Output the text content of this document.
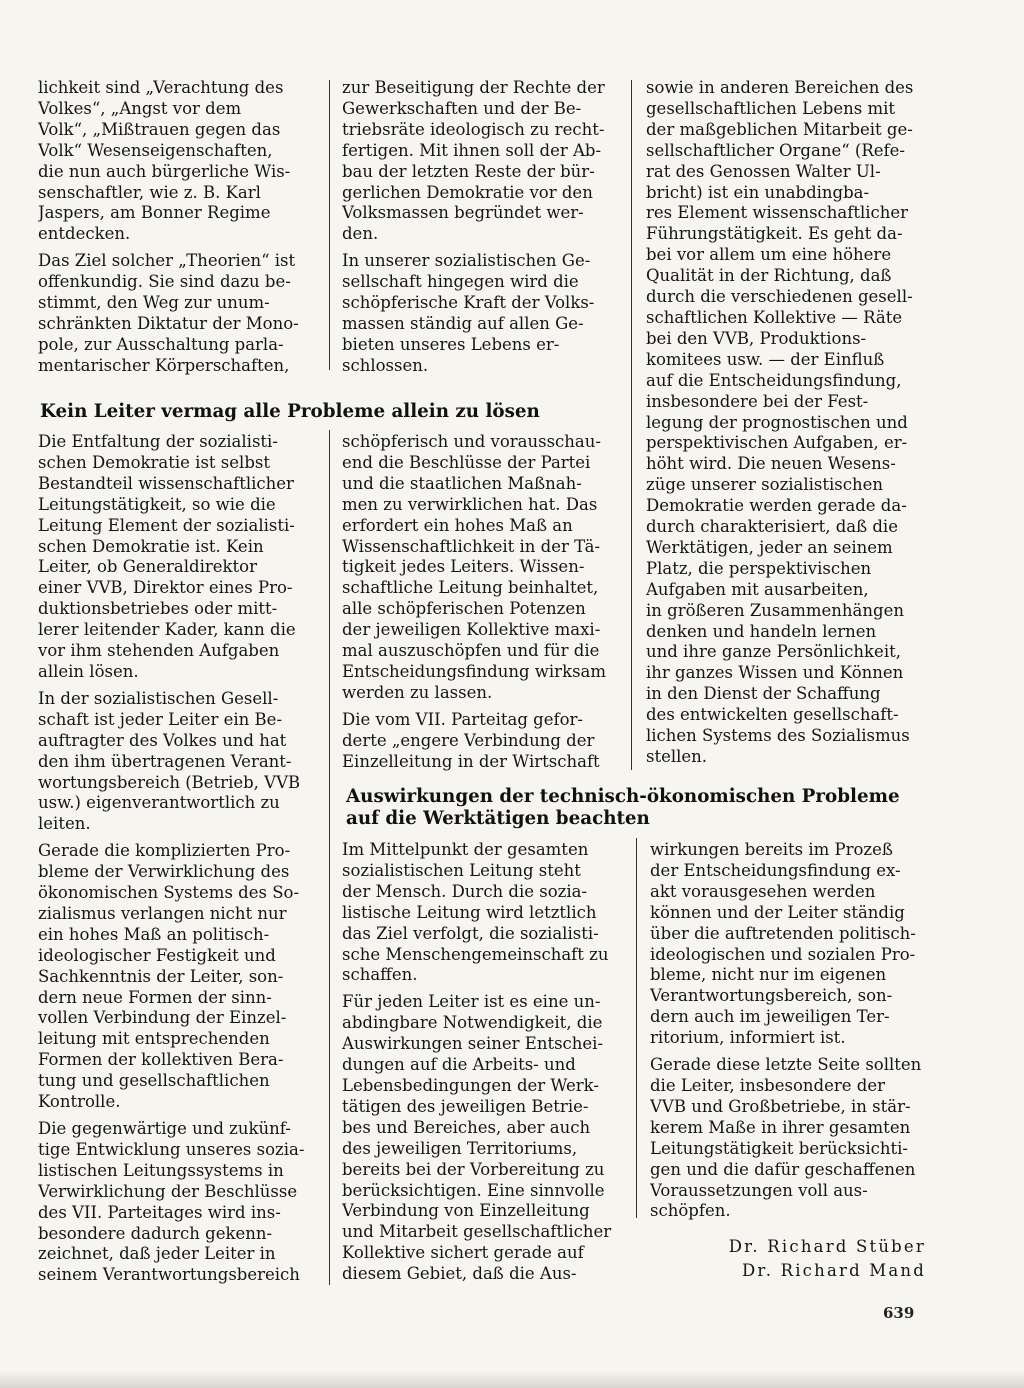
lichkeit sind „Verachtung des
Volkes“, „Angst vor dem
Volk“, „Mißtrauen gegen das
Volk“ Wesenseigenschaften,
die nun auch bürgerliche Wis-
senschaftler, wie z. B. Karl
Jaspers, am Bonner Regime
entdecken.
Das Ziel solcher „Theorien“ ist
offenkundig. Sie sind dazu be-
stimmt, den Weg zur unum-
schränkten Diktatur der Mono-
pole, zur Ausschaltung parla-
mentarischer Körperschaften,
zur Beseitigung der Rechte der
Gewerkschaften und der Be-
triebsräte ideologisch zu recht-
fertigen. Mit ihnen soll der Ab-
bau der letzten Reste der bür-
gerlichen Demokratie vor den
Volksmassen begründet wer-
den.
In unserer sozialistischen Ge-
sellschaft hingegen wird die
schöpferische Kraft der Volks-
massen ständig auf allen Ge-
bieten unseres Lebens er-
schlossen.
sowie in anderen Bereichen des
gesellschaftlichen Lebens mit
der maßgeblichen Mitarbeit ge-
sellschaftlicher Organe“ (Refe-
rat des Genossen Walter Ul-
bricht) ist ein unabdingba-
res Element wissenschaftlicher
Führungstätigkeit. Es geht da-
bei vor allem um eine höhere
Qualität in der Richtung, daß
durch die verschiedenen gesell-
schaftlichen Kollektive — Räte
bei den VVB, Produktions-
komitees usw. — der Einfluß
auf die Entscheidungsfindung,
insbesondere bei der Fest-
legung der prognostischen und
perspektivischen Aufgaben, er-
höht wird. Die neuen Wesens-
züge unserer sozialistischen
Demokratie werden gerade da-
durch charakterisiert, daß die
Werktätigen, jeder an seinem
Platz, die perspektivischen
Aufgaben mit ausarbeiten,
in größeren Zusammenhängen
denken und handeln lernen
und ihre ganze Persönlichkeit,
ihr ganzes Wissen und Können
in den Dienst der Schaffung
des entwickelten gesellschaft-
lichen Systems des Sozialismus
stellen.
Kein Leiter vermag alle Probleme allein zu lösen
Die Entfaltung der sozialisti-
schen Demokratie ist selbst
Bestandteil wissenschaftlicher
Leitungstätigkeit, so wie die
Leitung Element der sozialisti-
schen Demokratie ist. Kein
Leiter, ob Generaldirektor
einer VVB, Direktor eines Pro-
duktionsbetriebes oder mitt-
lerer leitender Kader, kann die
vor ihm stehenden Aufgaben
allein lösen.
In der sozialistischen Gesell-
schaft ist jeder Leiter ein Be-
auftragter des Volkes und hat
den ihm übertragenen Verant-
wortungsbereich (Betrieb, VVB
usw.) eigenverantwortlich zu
leiten.
Gerade die komplizierten Pro-
bleme der Verwirklichung des
ökonomischen Systems des So-
zialismus verlangen nicht nur
ein hohes Maß an politisch-
ideologischer Festigkeit und
Sachkenntnis der Leiter, son-
dern neue Formen der sinn-
vollen Verbindung der Einzel-
leitung mit entsprechenden
Formen der kollektiven Bera-
tung und gesellschaftlichen
Kontrolle.
Die gegenwärtige und zukünf-
tige Entwicklung unseres sozia-
listischen Leitungssystems in
Verwirklichung der Beschlüsse
des VII. Parteitages wird ins-
besondere dadurch gekenn-
zeichnet, daß jeder Leiter in
seinem Verantwortungsbereich
schöpferisch und vorausschau-
end die Beschlüsse der Partei
und die staatlichen Maßnah-
men zu verwirklichen hat. Das
erfordert ein hohes Maß an
Wissenschaftlichkeit in der Tä-
tigkeit jedes Leiters. Wissen-
schaftliche Leitung beinhaltet,
alle schöpferischen Potenzen
der jeweiligen Kollektive maxi-
mal auszuschöpfen und für die
Entscheidungsfindung wirksam
werden zu lassen.
Die vom VII. Parteitag gefor-
derte „engere Verbindung der
Einzelleitung in der Wirtschaft
Auswirkungen der technisch-ökonomischen Probleme
auf die Werktätigen beachten
Im Mittelpunkt der gesamten
sozialistischen Leitung steht
der Mensch. Durch die sozia-
listische Leitung wird letztlich
das Ziel verfolgt, die sozialisti-
sche Menschengemeinschaft zu
schaffen.
Für jeden Leiter ist es eine un-
abdingbare Notwendigkeit, die
Auswirkungen seiner Entschei-
dungen auf die Arbeits- und
Lebensbedingungen der Werk-
tätigen des jeweiligen Betrie-
bes und Bereiches, aber auch
des jeweiligen Territoriums,
bereits bei der Vorbereitung zu
berücksichtigen. Eine sinnvolle
Verbindung von Einzelleitung
und Mitarbeit gesellschaftlicher
Kollektive sichert gerade auf
diesem Gebiet, daß die Aus-
wirkungen bereits im Prozeß
der Entscheidungsfindung ex-
akt vorausgesehen werden
können und der Leiter ständig
über die auftretenden politisch-
ideologischen und sozialen Pro-
bleme, nicht nur im eigenen
Verantwortungsbereich, son-
dern auch im jeweiligen Ter-
ritorium, informiert ist.
Gerade diese letzte Seite sollten
die Leiter, insbesondere der
VVB und Großbetriebe, in stär-
kerem Maße in ihrer gesamten
Leitungstätigkeit berücksichti-
gen und die dafür geschaffenen
Voraussetzungen voll aus-
schöpfen.
Dr. Richard Stüber
Dr. Richard Mand
639
